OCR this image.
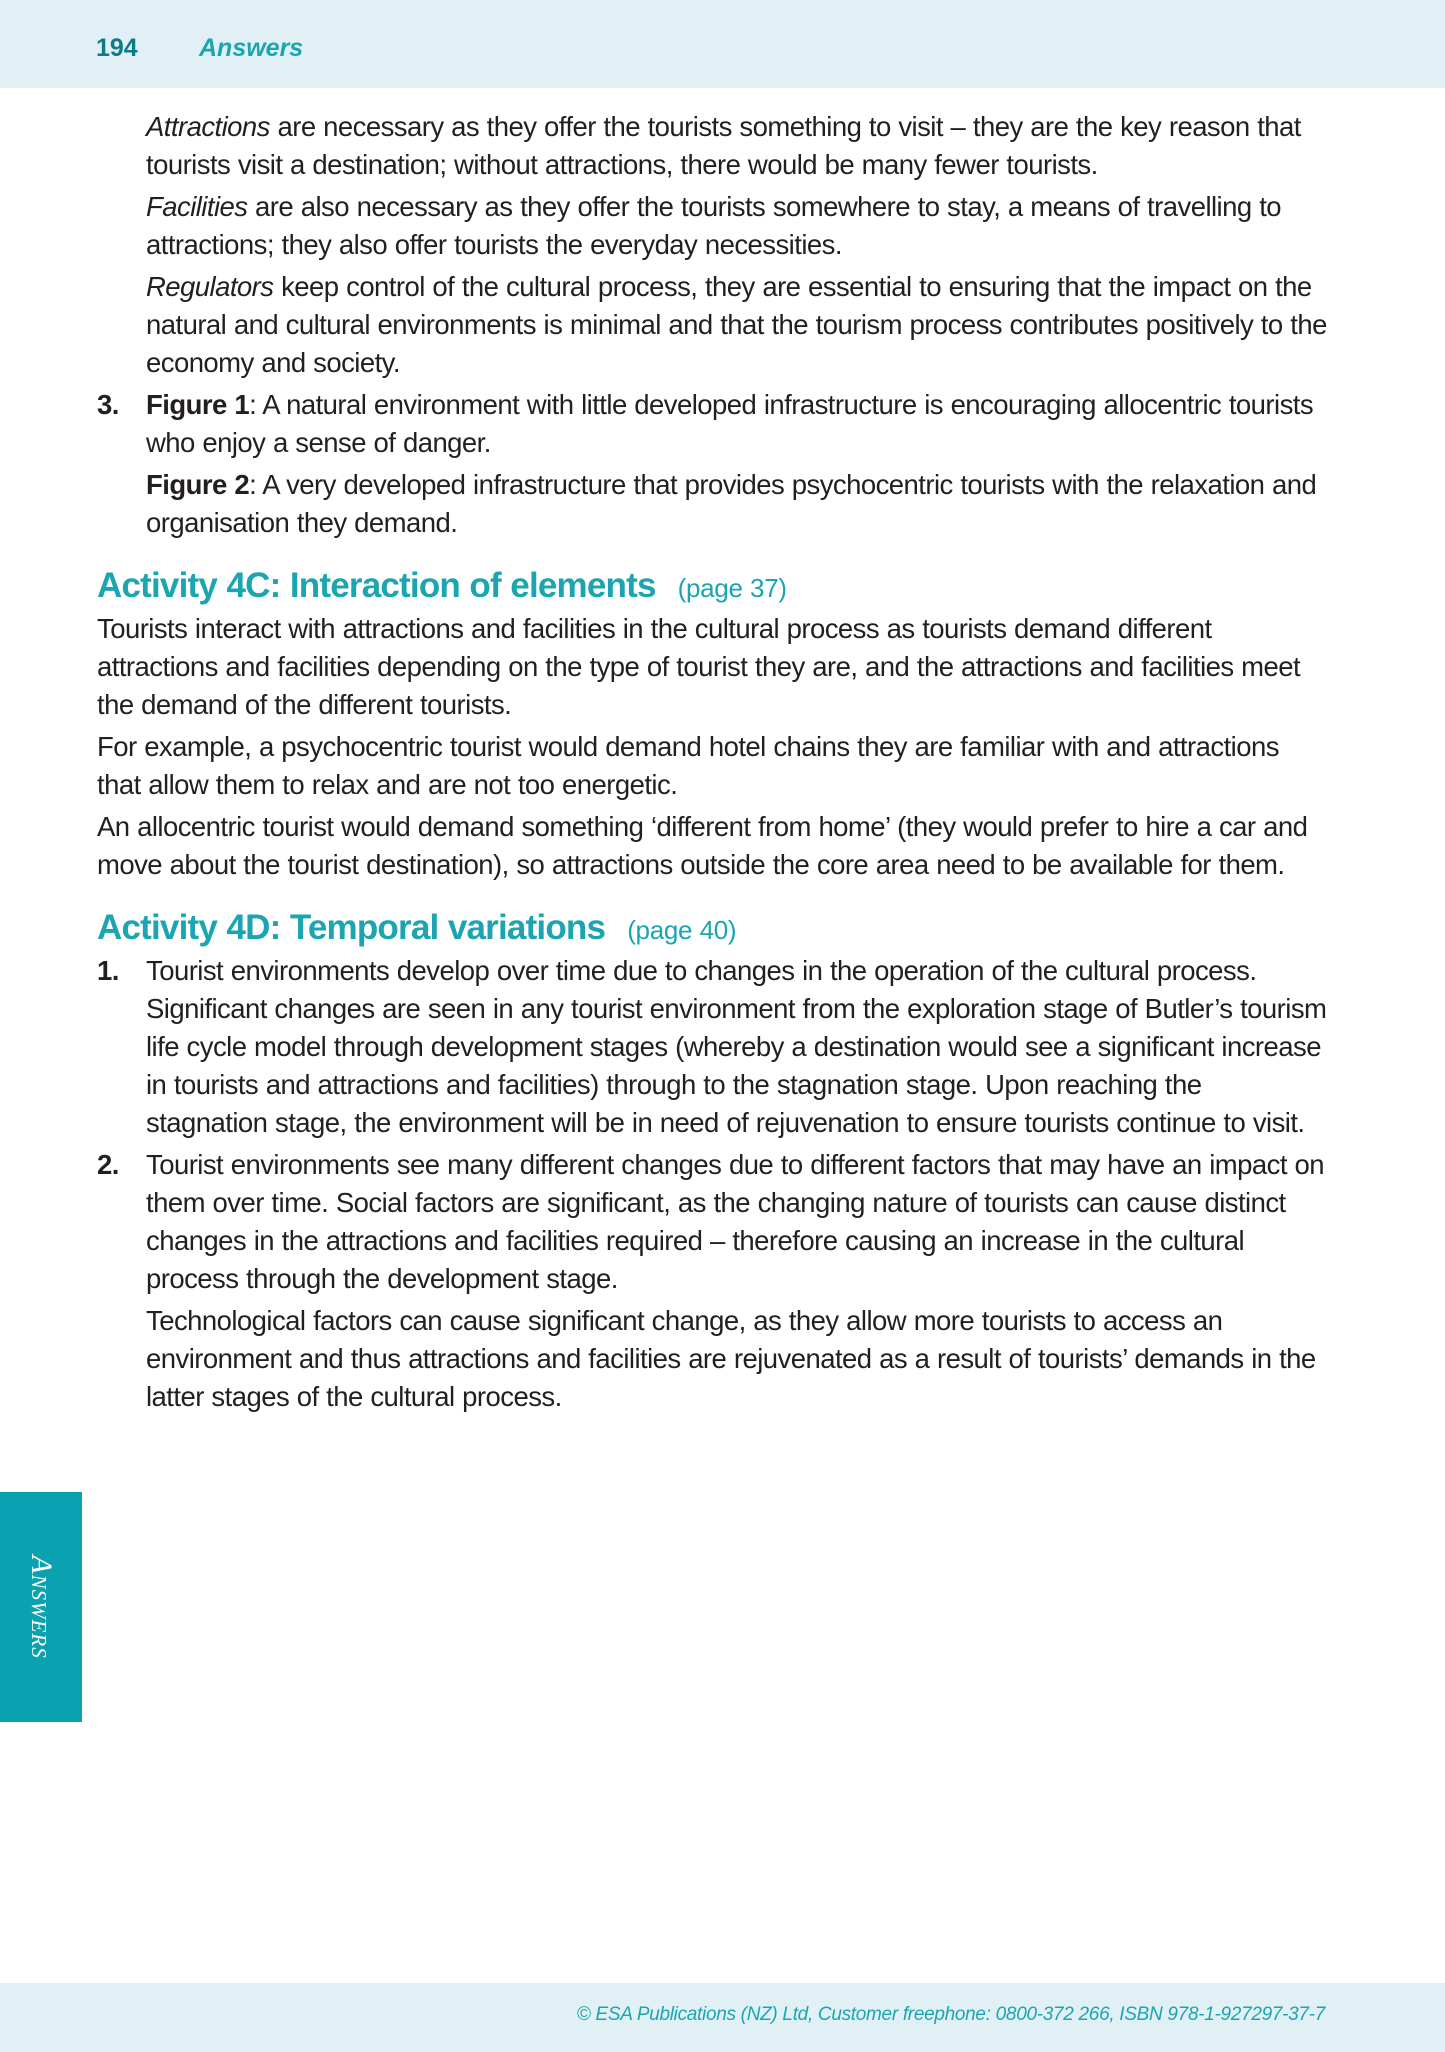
194 Answers

Attractions are necessary as they offer the tourists something to visit – they are the key reason that tourists visit a destination; without attractions, there would be many fewer tourists.

Facilities are also necessary as they offer the tourists somewhere to stay, a means of travelling to attractions; they also offer tourists the everyday necessities.

Regulators keep control of the cultural process, they are essential to ensuring that the impact on the natural and cultural environments is minimal and that the tourism process contributes positively to the economy and society.

3. Figure 1: A natural environment with little developed infrastructure is encouraging allocentric tourists who enjoy a sense of danger.

Figure 2: A very developed infrastructure that provides psychocentric tourists with the relaxation and organisation they demand.

Activity 4C: Interaction of elements (page 37)

Tourists interact with attractions and facilities in the cultural process as tourists demand different attractions and facilities depending on the type of tourist they are, and the attractions and facilities meet the demand of the different tourists.

For example, a psychocentric tourist would demand hotel chains they are familiar with and attractions that allow them to relax and are not too energetic.

An allocentric tourist would demand something ‘different from home’ (they would prefer to hire a car and move about the tourist destination), so attractions outside the core area need to be available for them.

Activity 4D: Temporal variations (page 40)
1. Tourist environments develop over time due to changes in the operation of the cultural process. Significant changes are seen in any tourist environment from the exploration stage of Butler’s tourism life cycle model through development stages (whereby a destination would see a significant increase in tourists and attractions and facilities) through to the stagnation stage. Upon reaching the stagnation stage, the environment will be in need of rejuvenation to ensure tourists continue to visit.

2. Tourist environments see many different changes due to different factors that may have an impact on them over time. Social factors are significant, as the changing nature of tourists can cause distinct changes in the attractions and facilities required – therefore causing an increase in the cultural process through the development stage.

Technological factors can cause significant change, as they allow more tourists to access an environment and thus attractions and facilities are rejuvenated as a result of tourists’ demands in the latter stages of the cultural process.

Answers
© ESA Publications (NZ) Ltd, Customer freephone: 0800-372 266, ISBN 978-1-927297-37-7
